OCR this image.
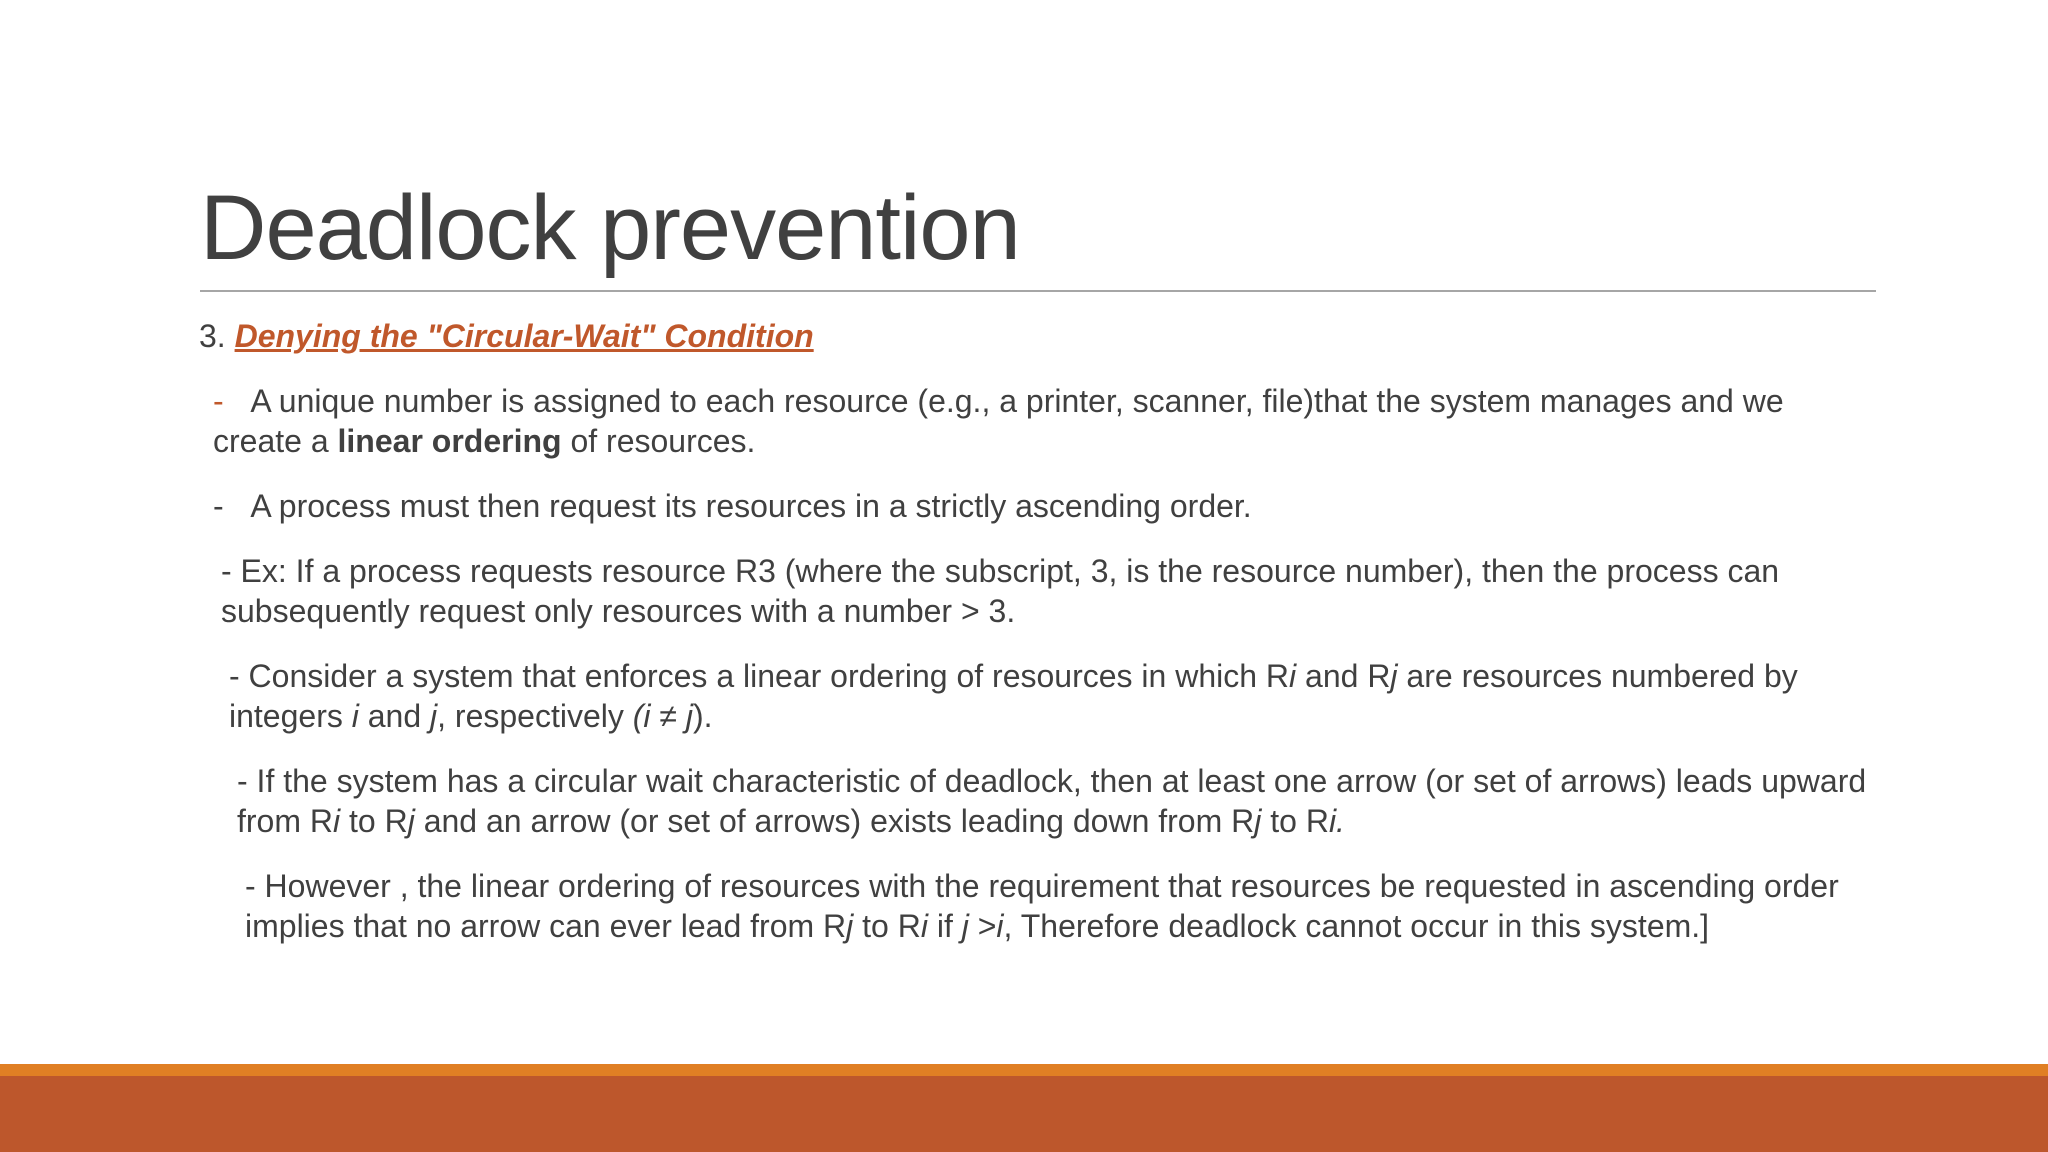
Deadlock prevention

3. Denying the "Circular-Wait" Condition

- A unique number is assigned to each resource (e.g., a printer, scanner, file)that the system manages and we create a linear ordering of resources.

- A process must then request its resources in a strictly ascending order.

- Ex: If a process requests resource R3 (where the subscript, 3, is the resource number), then the process can subsequently request only resources with a number > 3.

- Consider a system that enforces a linear ordering of resources in which Ri and Rj are resources numbered by integers i and j, respectively (i ≠ j).

- If the system has a circular wait characteristic of deadlock, then at least one arrow (or set of arrows) leads upward from Ri to Rj and an arrow (or set of arrows) exists leading down from Rj to Ri.

- However , the linear ordering of resources with the requirement that resources be requested in ascending order implies that no arrow can ever lead from Rj to Ri if j >i, Therefore deadlock cannot occur in this system.]
